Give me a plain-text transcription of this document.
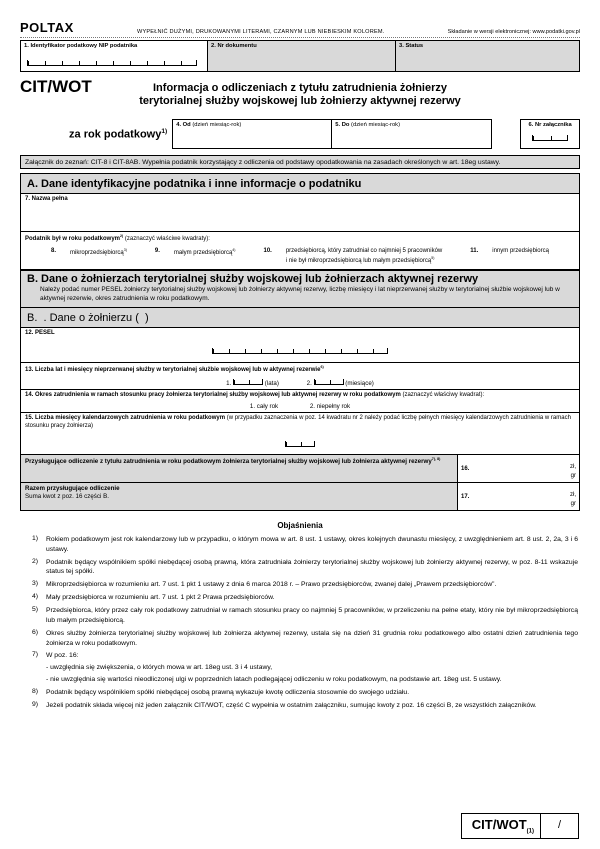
POLTAX	WYPEŁNIĆ DUŻYMI, DRUKOWANYMI LITERAMI, CZARNYM LUB NIEBIESKIM KOLOREM.	Składanie w wersji elektronicznej: www.podatki.gov.pl
1. Identyfikator podatkowy NIP podatnika	2. Nr dokumentu	3. Status
CIT/WOT	Informacja o odliczeniach z tytułu zatrudnienia żołnierzy
terytorialnej służby wojskowej lub żołnierzy aktywnej rezerwy
za rok podatkowy$^{1)}$
4. Od (dzień miesiąc-rok)	5. Do (dzień miesiąc-rok)	6. Nr załącznika
Załącznik do zeznań: CIT-8 i CIT-8AB. Wypełnia podatnik korzystający z odliczenia od podstawy opodatkowania na zasadach określonych w art. 18eg ustawy.
A. Dane identyfikacyjne podatnika i inne informacje o podatniku
7. Nazwa pełna
Podatnik był w roku podatkowym$^{2)}$ (zaznaczyć właściwe kwadraty):
8. mikroprzedsiębiorcą$^{3)}$	9. małym przedsiębiorcą$^{4)}$	10. przedsiębiorcą, który zatrudniał co najmniej 5 pracowników
i nie był mikroprzedsiębiorcą lub małym przedsiębiorcą$^{5)}$
11. innym przedsiębiorcą
B. Dane o żołnierzach terytorialnej służby wojskowej lub żołnierzach aktywnej rezerwy
Należy podać numer PESEL żołnierzy terytorialnej służby wojskowej lub żołnierzy aktywnej rezerwy, liczbę miesięcy i lat nieprzerwanej służby w terytorialnej służbie wojskowej lub w aktywnej rezerwie, okres zatrudnienia w roku podatkowym.
B.  . Dane o żołnierzu (  )
12. PESEL
13. Liczba lat i miesięcy nieprzerwanej służby w terytorialnej służbie wojskowej lub w aktywnej rezerwie$^{6)}$
1.	(lata)	2.	(miesiące)
14. Okres zatrudnienia w ramach stosunku pracy żołnierza terytorialnej służby wojskowej lub aktywnej rezerwy w roku podatkowym (zaznaczyć właściwy kwadrat):
1. cały rok	2. niepełny rok
15. Liczba miesięcy kalendarzowych zatrudnienia w roku podatkowym (w przypadku zaznaczenia w poz. 14 kwadratu nr 2 należy podać liczbę pełnych miesięcy kalendarzowych zatrudnienia w ramach stosunku pracy żołnierza)
Przysługujące odliczenie z tytułu zatrudnienia w roku podatkowym żołnierza terytorialnej służby wojskowej lub żołnierza aktywnej rezerwy$^{7), 8)}$
16.	zł,
gr
Razem przysługujące odliczenie
Suma kwot z poz. 16 części B.	17.	zł,
gr
Objaśnienia
1)	Rokiem podatkowym jest rok kalendarzowy lub w przypadku, o którym mowa w art. 8 ust. 1 ustawy, okres kolejnych dwunastu miesięcy, z uwzględnieniem art. 8 ust. 2, 2a, 3 i 6 ustawy.
2)	Podatnik będący wspólnikiem spółki niebędącej osobą prawną, która zatrudniała żołnierzy terytorialnej służby wojskowej lub żołnierzy aktywnej rezerwy, w poz. 8-11 wskazuje status tej spółki.
3)	Mikroprzedsiębiorca w rozumieniu art. 7 ust. 1 pkt 1 ustawy z dnia 6 marca 2018 r. – Prawo przedsiębiorców, zwanej dalej „Prawem przedsiębiorców”.
4)	Mały przedsiębiorca w rozumieniu art. 7 ust. 1 pkt 2 Prawa przedsiębiorców.
5)	Przedsiębiorca, który przez cały rok podatkowy zatrudniał w ramach stosunku pracy co najmniej 5 pracowników, w przeliczeniu na pełne etaty, który nie był mikroprzedsiębiorcą lub małym przedsiębiorcą.
6)	Okres służby żołnierza terytorialnej służby wojskowej lub żołnierza aktywnej rezerwy, ustala się na dzień 31 grudnia roku podatkowego albo ostatni dzień zatrudnienia tego żołnierza w roku podatkowym.
7)	W poz. 16:
- uwzględnia się zwiększenia, o których mowa w art. 18eg ust. 3 i 4 ustawy,
- nie uwzględnia się wartości nieodliczonej ulgi w poprzednich latach podlegającej odliczeniu w roku podatkowym, na podstawie art. 18eg ust. 5 ustawy.
8)	Podatnik będący wspólnikiem spółki niebędącej osobą prawną wykazuje kwotę odliczenia stosownie do swojego udziału.
9)	Jeżeli podatnik składa więcej niż jeden załącznik CIT/WOT, część C wypełnia w ostatnim załączniku, sumując kwoty z poz. 16 części B, ze wszystkich załączników.
CIT/$WOT_{(1)}$
/
